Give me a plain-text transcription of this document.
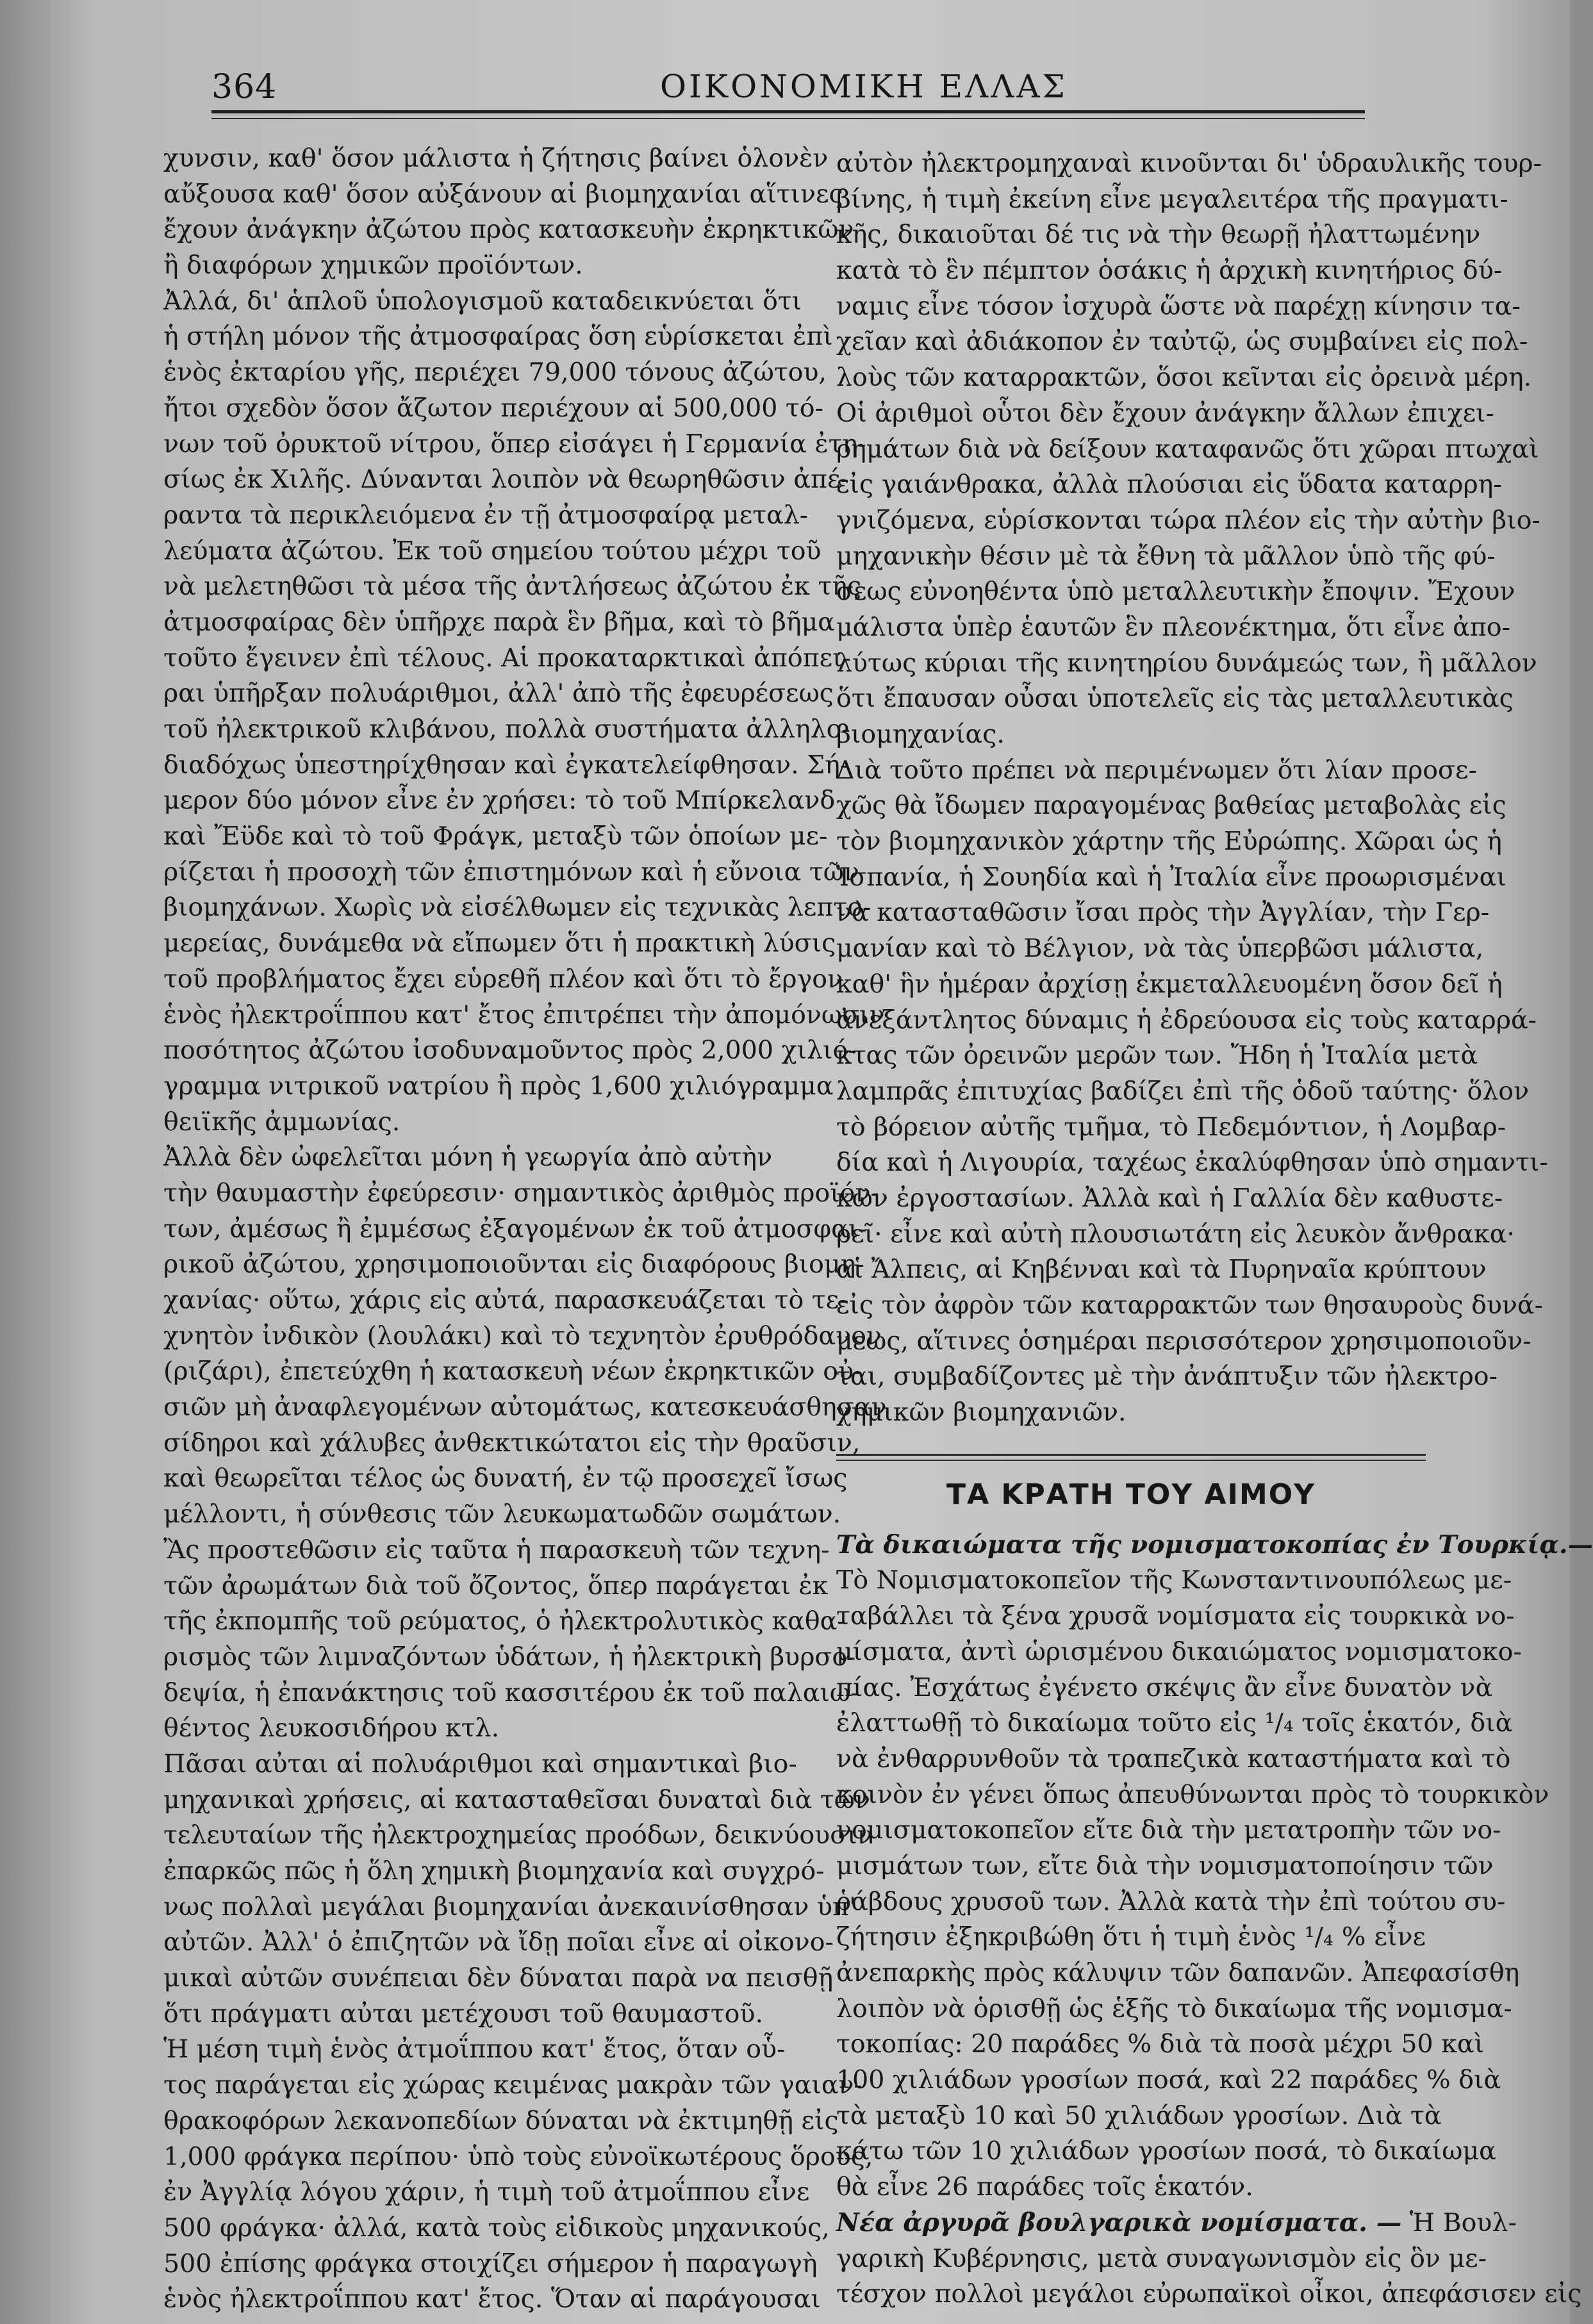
364	ΟΙΚΟΝΟΜΙΚΗ ΕΛΛΑΣ
χυνσιν, καθ' ὅσον μάλιστα ἡ ζήτησις βαίνει ὁλονὲν
αὔξουσα καθ' ὅσον αὐξάνουν αἱ βιομηχανίαι αἵτινες
ἔχουν ἀνάγκην ἀζώτου πρὸς κατασκευὴν ἐκρηκτικῶν
ἢ διαφόρων χημικῶν προϊόντων.
Ἀλλά, δι' ἁπλοῦ ὑπολογισμοῦ καταδεικνύεται ὅτι
ἡ στήλη μόνον τῆς ἀτμοσφαίρας ὅση εὑρίσκεται ἐπὶ
ἑνὸς ἐκταρίου γῆς, περιέχει 79,000 τόνους ἀζώτου,
ἤτοι σχεδὸν ὅσον ἄζωτον περιέχουν αἱ 500,000 τό-
νων τοῦ ὀρυκτοῦ νίτρου, ὅπερ εἰσάγει ἡ Γερμανία ἐτη-
σίως ἐκ Χιλῆς. Δύνανται λοιπὸν νὰ θεωρηθῶσιν ἀπέ-
ραντα τὰ περικλειόμενα ἐν τῇ ἀτμοσφαίρᾳ μεταλ-
λεύματα ἀζώτου. Ἐκ τοῦ σημείου τούτου μέχρι τοῦ
νὰ μελετηθῶσι τὰ μέσα τῆς ἀντλήσεως ἀζώτου ἐκ τῆς
ἀτμοσφαίρας δὲν ὑπῆρχε παρὰ ἓν βῆμα, καὶ τὸ βῆμα
τοῦτο ἔγεινεν ἐπὶ τέλους. Αἱ προκαταρκτικαὶ ἀπόπει-
ραι ὑπῆρξαν πολυάριθμοι, ἀλλ' ἀπὸ τῆς ἐφευρέσεως
τοῦ ἠλεκτρικοῦ κλιβάνου, πολλὰ συστήματα ἀλληλο-
διαδόχως ὑπεστηρίχθησαν καὶ ἐγκατελείφθησαν. Σή-
μερον δύο μόνον εἶνε ἐν χρήσει: τὸ τοῦ Μπίρκελανδ
καὶ Ἔϋδε καὶ τὸ τοῦ Φράγκ, μεταξὺ τῶν ὁποίων με-
ρίζεται ἡ προσοχὴ τῶν ἐπιστημόνων καὶ ἡ εὔνοια τῶν
βιομηχάνων. Χωρὶς νὰ εἰσέλθωμεν εἰς τεχνικὰς λεπτο-
μερείας, δυνάμεθα νὰ εἴπωμεν ὅτι ἡ πρακτικὴ λύσις
τοῦ προβλήματος ἔχει εὑρεθῆ πλέον καὶ ὅτι τὸ ἔργον
ἑνὸς ἠλεκτροΐππου κατ' ἔτος ἐπιτρέπει τὴν ἀπομόνωσιν
ποσότητος ἀζώτου ἰσοδυναμοῦντος πρὸς 2,000 χιλιό-
γραμμα νιτρικοῦ νατρίου ἢ πρὸς 1,600 χιλιόγραμμα
θειϊκῆς ἀμμωνίας.
Ἀλλὰ δὲν ὠφελεῖται μόνη ἡ γεωργία ἀπὸ αὐτὴν
τὴν θαυμαστὴν ἐφεύρεσιν· σημαντικὸς ἀριθμὸς προϊόν-
των, ἀμέσως ἢ ἐμμέσως ἐξαγομένων ἐκ τοῦ ἀτμοσφαι-
ρικοῦ ἀζώτου, χρησιμοποιοῦνται εἰς διαφόρους βιομη-
χανίας· οὕτω, χάρις εἰς αὐτά, παρασκευάζεται τὸ τε-
χνητὸν ἰνδικὸν (λουλάκι) καὶ τὸ τεχνητὸν ἐρυθρόδανον
(ριζάρι), ἐπετεύχθη ἡ κατασκευὴ νέων ἐκρηκτικῶν οὐ-
σιῶν μὴ ἀναφλεγομένων αὐτομάτως, κατεσκευάσθησαν
σίδηροι καὶ χάλυβες ἀνθεκτικώτατοι εἰς τὴν θραῦσιν,
καὶ θεωρεῖται τέλος ὡς δυνατή, ἐν τῷ προσεχεῖ ἴσως
μέλλοντι, ἡ σύνθεσις τῶν λευκωματωδῶν σωμάτων.
Ἂς προστεθῶσιν εἰς ταῦτα ἡ παρασκευὴ τῶν τεχνη-
τῶν ἀρωμάτων διὰ τοῦ ὄζοντος, ὅπερ παράγεται ἐκ
τῆς ἐκπομπῆς τοῦ ρεύματος, ὁ ἠλεκτρολυτικὸς καθα-
ρισμὸς τῶν λιμναζόντων ὑδάτων, ἡ ἠλεκτρικὴ βυρσο-
δεψία, ἡ ἐπανάκτησις τοῦ κασσιτέρου ἐκ τοῦ παλαιω-
θέντος λευκοσιδήρου κτλ.
Πᾶσαι αὐται αἱ πολυάριθμοι καὶ σημαντικαὶ βιο-
μηχανικαὶ χρήσεις, αἱ κατασταθεῖσαι δυναταὶ διὰ τῶν
τελευταίων τῆς ἠλεκτροχημείας προόδων, δεικνύουσιν
ἐπαρκῶς πῶς ἡ ὅλη χημικὴ βιομηχανία καὶ συγχρό-
νως πολλαὶ μεγάλαι βιομηχανίαι ἀνεκαινίσθησαν ὑπ'
αὐτῶν. Ἀλλ' ὁ ἐπιζητῶν νὰ ἴδῃ ποῖαι εἶνε αἱ οἰκονο-
μικαὶ αὐτῶν συνέπειαι δὲν δύναται παρὰ να πεισθῇ
ὅτι πράγματι αὐται μετέχουσι τοῦ θαυμαστοῦ.
Ἡ μέση τιμὴ ἑνὸς ἀτμοΐππου κατ' ἔτος, ὅταν οὗ-
τος παράγεται εἰς χώρας κειμένας μακρὰν τῶν γαιαν-
θρακοφόρων λεκανοπεδίων δύναται νὰ ἐκτιμηθῇ εἰς
1,000 φράγκα περίπου· ὑπὸ τοὺς εὐνοϊκωτέρους ὅρους,
ἐν Ἀγγλίᾳ λόγου χάριν, ἡ τιμὴ τοῦ ἀτμοΐππου εἶνε
500 φράγκα· ἀλλά, κατὰ τοὺς εἰδικοὺς μηχανικούς,
500 ἐπίσης φράγκα στοιχίζει σήμερον ἡ παραγωγὴ
ἑνὸς ἠλεκτροΐππου κατ' ἔτος. Ὅταν αἱ παράγουσαι
αὐτὸν ἠλεκτρομηχαναὶ κινοῦνται δι' ὑδραυλικῆς τουρ-
βίνης, ἡ τιμὴ ἐκείνη εἶνε μεγαλειτέρα τῆς πραγματι-
κῆς, δικαιοῦται δέ τις νὰ τὴν θεωρῇ ἠλαττωμένην
κατὰ τὸ ἓν πέμπτον ὁσάκις ἡ ἀρχικὴ κινητήριος δύ-
ναμις εἶνε τόσον ἰσχυρὰ ὥστε νὰ παρέχῃ κίνησιν τα-
χεῖαν καὶ ἀδιάκοπον ἐν ταὐτῷ, ὡς συμβαίνει εἰς πολ-
λοὺς τῶν καταρρακτῶν, ὅσοι κεῖνται εἰς ὀρεινὰ μέρη.
Οἱ ἀριθμοὶ οὗτοι δὲν ἔχουν ἀνάγκην ἄλλων ἐπιχει-
ρημάτων διὰ νὰ δείξουν καταφανῶς ὅτι χῶραι πτωχαὶ
εἰς γαιάνθρακα, ἀλλὰ πλούσιαι εἰς ὕδατα καταρρη-
γνιζόμενα, εὑρίσκονται τώρα πλέον εἰς τὴν αὐτὴν βιο-
μηχανικὴν θέσιν μὲ τὰ ἔθνη τὰ μᾶλλον ὑπὸ τῆς φύ-
σεως εὐνοηθέντα ὑπὸ μεταλλευτικὴν ἔποψιν. Ἔχουν
μάλιστα ὑπὲρ ἑαυτῶν ἓν πλεονέκτημα, ὅτι εἶνε ἀπο-
λύτως κύριαι τῆς κινητηρίου δυνάμεώς των, ἢ μᾶλλον
ὅτι ἔπαυσαν οὖσαι ὑποτελεῖς εἰς τὰς μεταλλευτικὰς
βιομηχανίας.
Διὰ τοῦτο πρέπει νὰ περιμένωμεν ὅτι λίαν προσε-
χῶς θὰ ἴδωμεν παραγομένας βαθείας μεταβολὰς εἰς
τὸν βιομηχανικὸν χάρτην τῆς Εὐρώπης. Χῶραι ὡς ἡ
Ἱσπανία, ἡ Σουηδία καὶ ἡ Ἰταλία εἶνε προωρισμέναι
νὰ κατασταθῶσιν ἴσαι πρὸς τὴν Ἀγγλίαν, τὴν Γερ-
μανίαν καὶ τὸ Βέλγιον, νὰ τὰς ὑπερβῶσι μάλιστα,
καθ' ἣν ἡμέραν ἀρχίσῃ ἐκμεταλλευομένη ὅσον δεῖ ἡ
ἀνεξάντλητος δύναμις ἡ ἐδρεύουσα εἰς τοὺς καταρρά-
κτας τῶν ὀρεινῶν μερῶν των. Ἤδη ἡ Ἰταλία μετὰ
λαμπρᾶς ἐπιτυχίας βαδίζει ἐπὶ τῆς ὁδοῦ ταύτης· ὅλον
τὸ βόρειον αὐτῆς τμῆμα, τὸ Πεδεμόντιον, ἡ Λομβαρ-
δία καὶ ἡ Λιγουρία, ταχέως ἐκαλύφθησαν ὑπὸ σημαντι-
κῶν ἐργοστασίων. Ἀλλὰ καὶ ἡ Γαλλία δὲν καθυστε-
ρεῖ· εἶνε καὶ αὐτὴ πλουσιωτάτη εἰς λευκὸν ἄνθρακα·
αἱ Ἄλπεις, αἱ Κηβένναι καὶ τὰ Πυρηναῖα κρύπτουν
εἰς τὸν ἀφρὸν τῶν καταρρακτῶν των θησαυροὺς δυνά-
μεως, αἵτινες ὁσημέραι περισσότερον χρησιμοποιοῦν-
ται, συμβαδίζοντες μὲ τὴν ἀνάπτυξιν τῶν ἠλεκτρο-
χημικῶν βιομηχανιῶν.
ΤΑ ΚΡΑΤΗ ΤΟΥ ΑΙΜΟΥ
Τὰ δικαιώματα τῆς νομισματοκοπίας ἐν Τουρκίᾳ.—
Τὸ Νομισματοκοπεῖον τῆς Κωνσταντινουπόλεως με-
ταβάλλει τὰ ξένα χρυσᾶ νομίσματα εἰς τουρκικὰ νο-
μίσματα, ἀντὶ ὡρισμένου δικαιώματος νομισματοκο-
πίας. Ἐσχάτως ἐγένετο σκέψις ἂν εἶνε δυνατὸν νὰ
ἐλαττωθῇ τὸ δικαίωμα τοῦτο εἰς ¹/₄ τοῖς ἑκατόν, διὰ
νὰ ἐνθαρρυνθοῦν τὰ τραπεζικὰ καταστήματα καὶ τὸ
κοινὸν ἐν γένει ὅπως ἀπευθύνωνται πρὸς τὸ τουρκικὸν
νομισματοκοπεῖον εἴτε διὰ τὴν μετατροπὴν τῶν νο-
μισμάτων των, εἴτε διὰ τὴν νομισματοποίησιν τῶν
ῥάβδους χρυσοῦ των. Ἀλλὰ κατὰ τὴν ἐπὶ τούτου συ-
ζήτησιν ἐξηκριβώθη ὅτι ἡ τιμὴ ἑνὸς ¹/₄ % εἶνε
ἀνεπαρκὴς πρὸς κάλυψιν τῶν δαπανῶν. Ἀπεφασίσθη
λοιπὸν νὰ ὁρισθῇ ὡς ἑξῆς τὸ δικαίωμα τῆς νομισμα-
τοκοπίας: 20 παράδες % διὰ τὰ ποσὰ μέχρι 50 καὶ
100 χιλιάδων γροσίων ποσά, καὶ 22 παράδες % διὰ
τὰ μεταξὺ 10 καὶ 50 χιλιάδων γροσίων. Διὰ τὰ
κάτω τῶν 10 χιλιάδων γροσίων ποσά, τὸ δικαίωμα
θὰ εἶνε 26 παράδες τοῖς ἑκατόν.
Νέα ἀργυρᾶ βουλγαρικὰ νομίσματα. — Ἡ Βουλ-
γαρικὴ Κυβέρνησις, μετὰ συναγωνισμὸν εἰς ὃν με-
τέσχον πολλοὶ μεγάλοι εὐρωπαϊκοὶ οἶκοι, ἀπεφάσισεν εἰς
